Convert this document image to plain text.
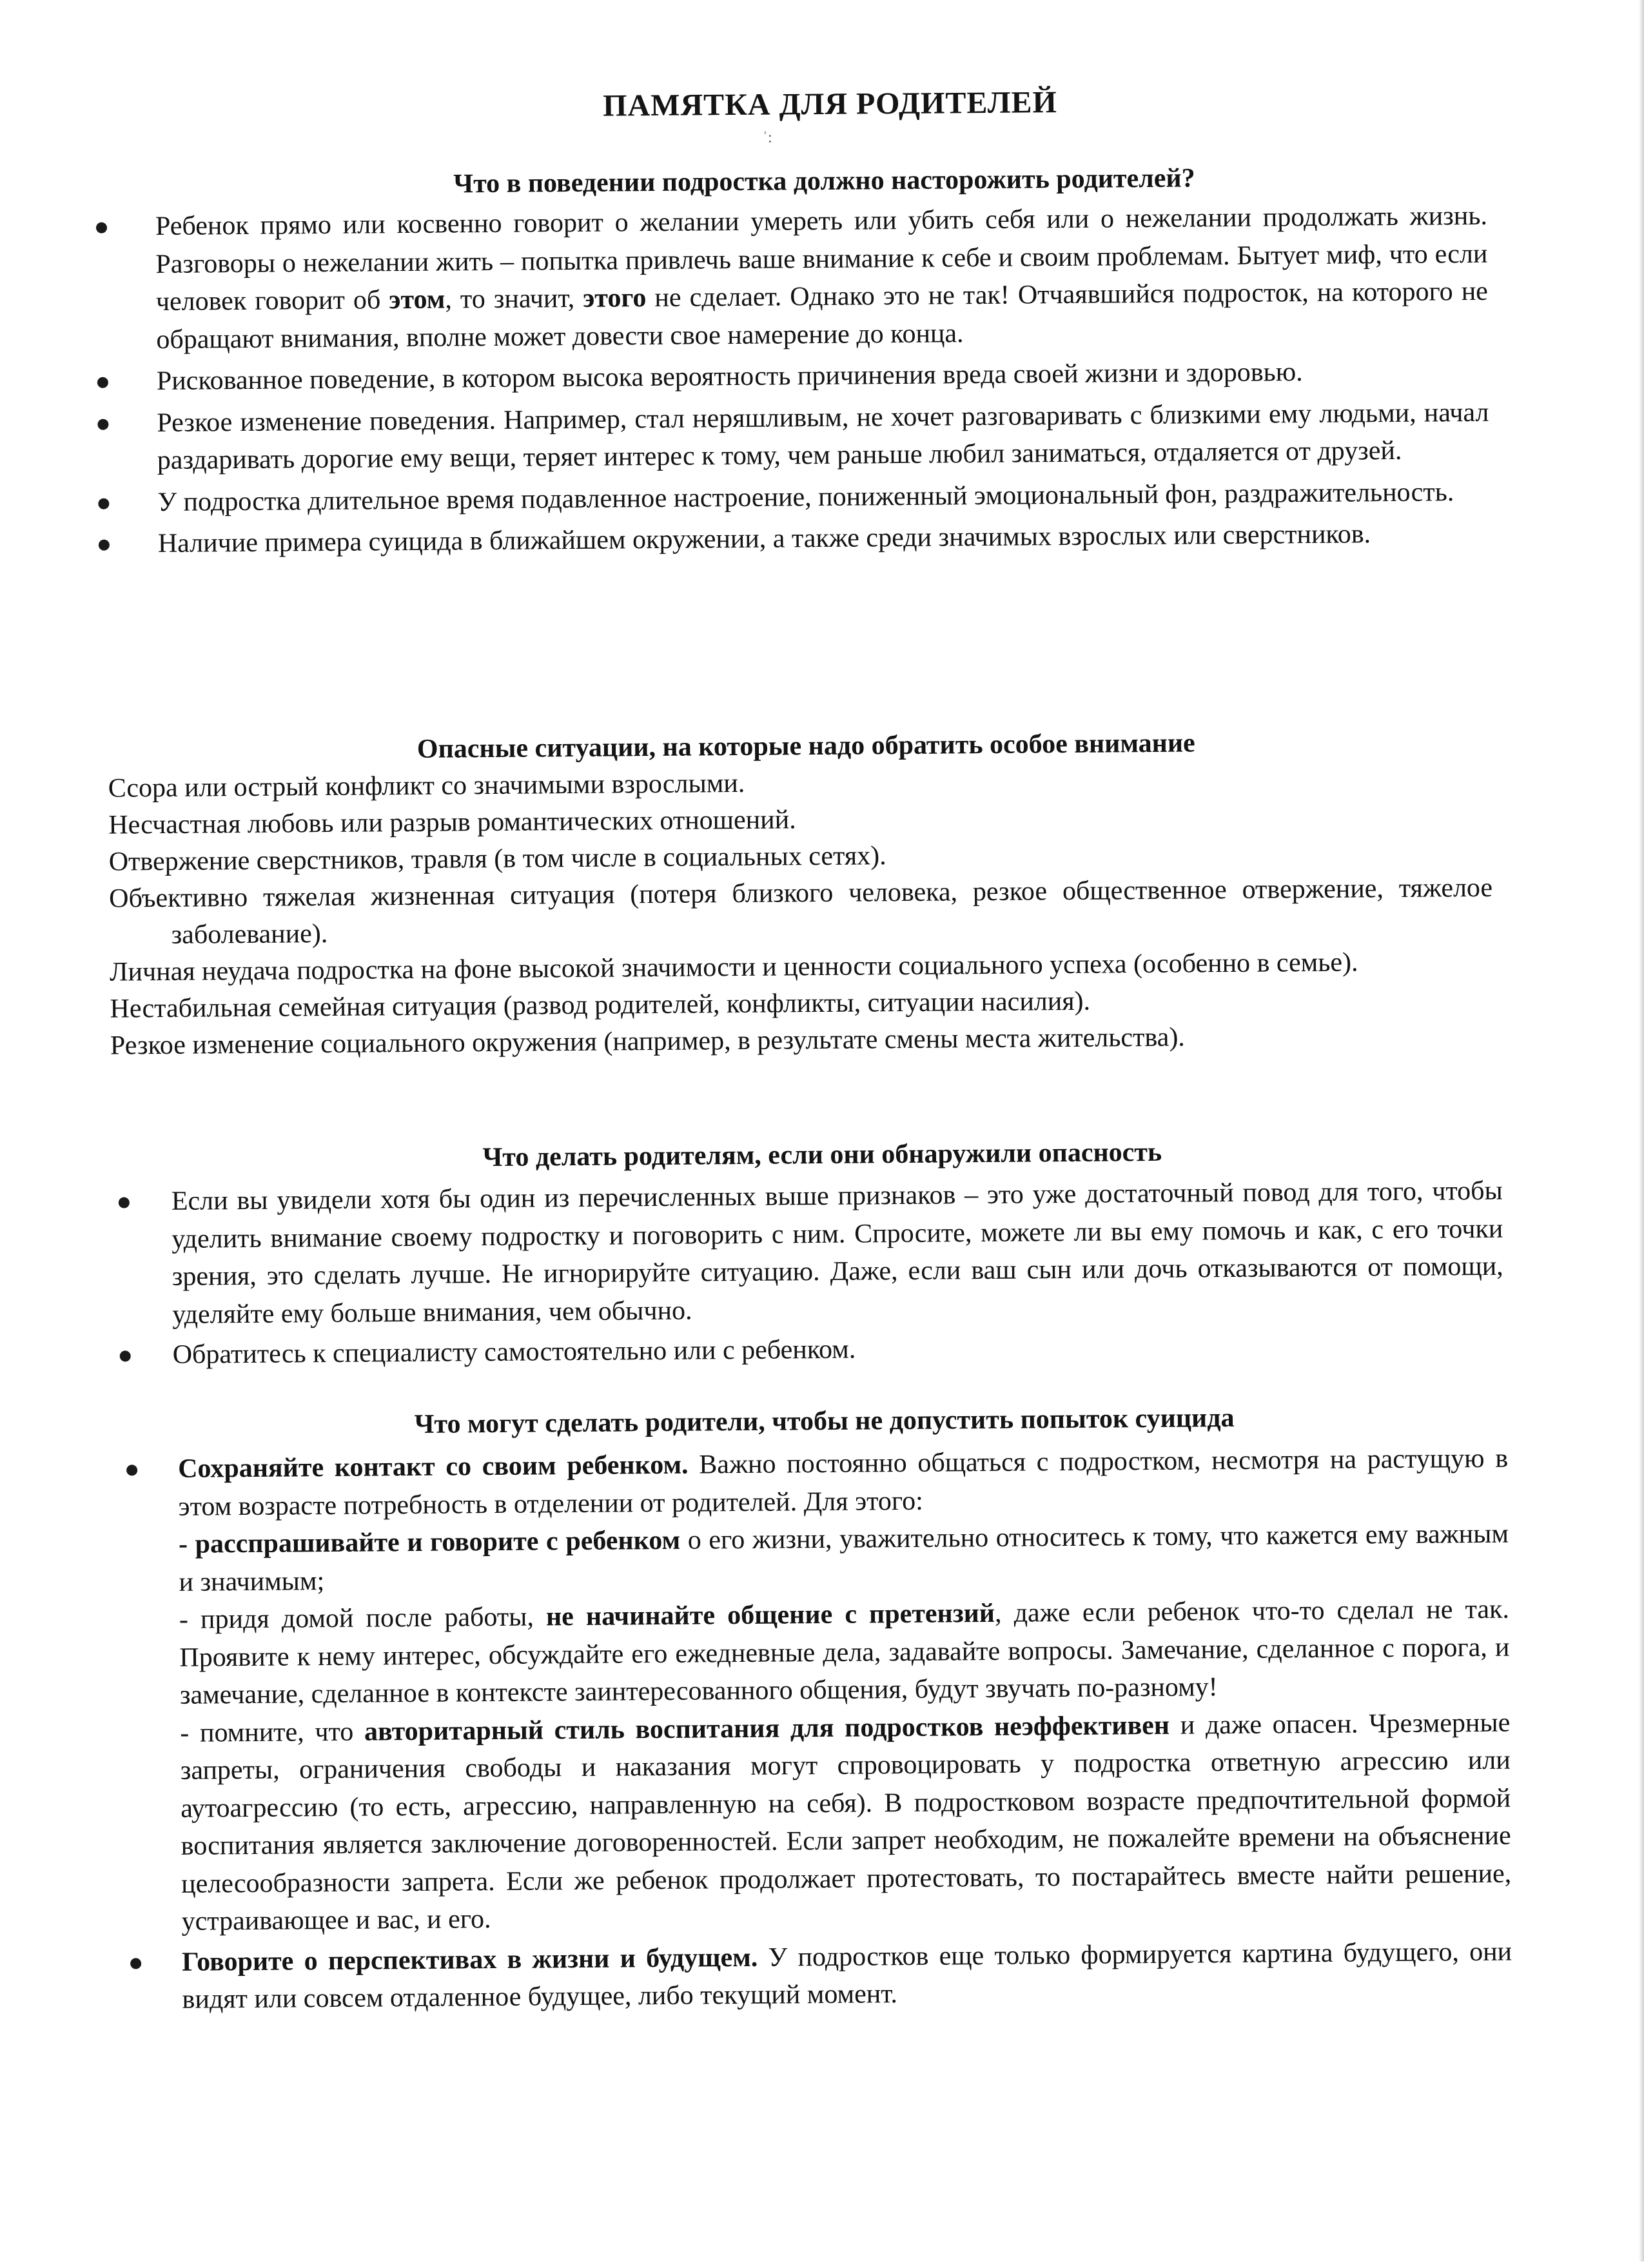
ПАМЯТКА ДЛЯ РОДИТЕЛЕЙ
ˈ:

Что в поведении подростка должно насторожить родителей?

Ребенок прямо или косвенно говорит о желании умереть или убить себя или о нежелании продолжать жизнь. Разговоры о нежелании жить – попытка привлечь ваше внимание к себе и своим проблемам. Бытует миф, что если человек говорит об этом, то значит, этого не сделает. Однако это не так! Отчаявшийся подросток, на которого не обращают внимания, вполне может довести свое намерение до конца.
Рискованное поведение, в котором высока вероятность причинения вреда своей жизни и здоровью.
Резкое изменение поведения. Например, стал неряшливым, не хочет разговаривать с близкими ему людьми, начал раздаривать дорогие ему вещи, теряет интерес к тому, чем раньше любил заниматься, отдаляется от друзей.
У подростка длительное время подавленное настроение, пониженный эмоциональный фон, раздражительность.
Наличие примера суицида в ближайшем окружении, а также среди значимых взрослых или сверстников.

Опасные ситуации, на которые надо обратить особое внимание

Ссора или острый конфликт со значимыми взрослыми.

Несчастная любовь или разрыв романтических отношений.

Отвержение сверстников, травля (в том числе в социальных сетях).

Объективно тяжелая жизненная ситуация (потеря близкого человека, резкое общественное отвержение, тяжелое заболевание).

Личная неудача подростка на фоне высокой значимости и ценности социального успеха (особенно в семье).

Нестабильная семейная ситуация (развод родителей, конфликты, ситуации насилия).

Резкое изменение социального окружения (например, в результате смены места жительства).

Что делать родителям, если они обнаружили опасность

Если вы увидели хотя бы один из перечисленных выше признаков – это уже достаточный повод для того, чтобы уделить внимание своему подростку и поговорить с ним. Спросите, можете ли вы ему помочь и как, с его точки зрения, это сделать лучше. Не игнорируйте ситуацию. Даже, если ваш сын или дочь отказываются от помощи, уделяйте ему больше внимания, чем обычно.
Обратитесь к специалисту самостоятельно или с ребенком.

Что могут сделать родители, чтобы не допустить попыток суицида

Сохраняйте контакт со своим ребенком. Важно постоянно общаться с подростком, несмотря на растущую в этом возрасте потребность в отделении от родителей. Для этого:
- расспрашивайте и говорите с ребенком о его жизни, уважительно относитесь к тому, что кажется ему важным и значимым;
- придя домой после работы, не начинайте общение с претензий, даже если ребенок что-то сделал не так. Проявите к нему интерес, обсуждайте его ежедневные дела, задавайте вопросы. Замечание, сделанное с порога, и замечание, сделанное в контексте заинтересованного общения, будут звучать по-разному!
- помните, что авторитарный стиль воспитания для подростков неэффективен и даже опасен. Чрезмерные запреты, ограничения свободы и наказания могут спровоцировать у подростка ответную агрессию или аутоагрессию (то есть, агрессию, направленную на себя). В подростковом возрасте предпочтительной формой воспитания является заключение договоренностей. Если запрет необходим, не пожалейте времени на объяснение целесообразности запрета. Если же ребенок продолжает протестовать, то постарайтесь вместе найти решение, устраивающее и вас, и его.
Говорите о перспективах в жизни и будущем. У подростков еще только формируется картина будущего, они видят или совсем отдаленное будущее, либо текущий момент.
